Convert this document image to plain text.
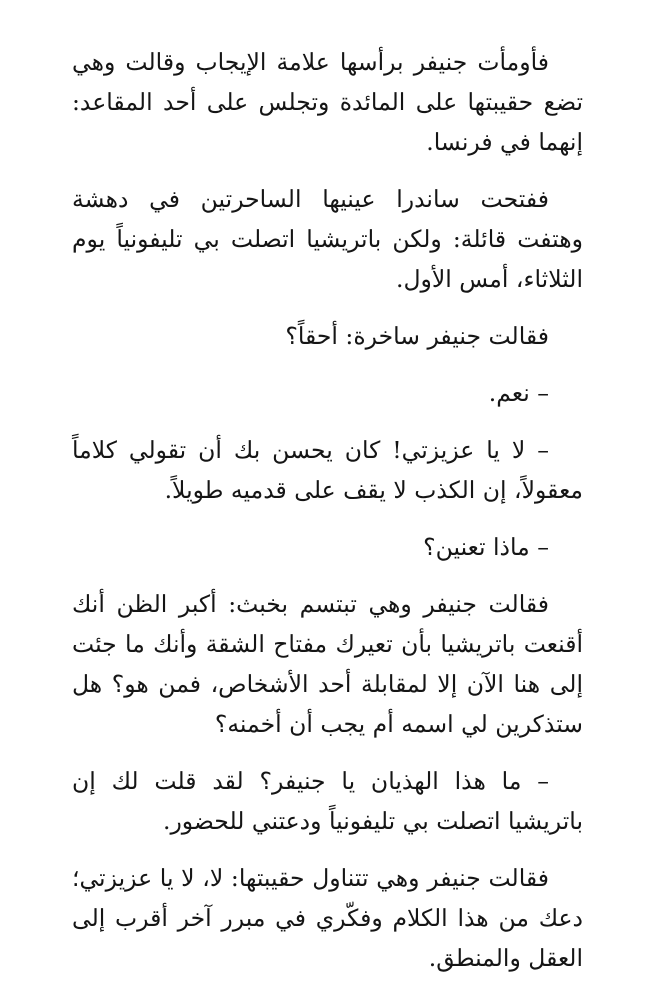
فأومأت جنيفر برأسها علامة الإيجاب وقالت وهي تضع حقيبتها على المائدة وتجلس على أحد المقاعد: إنهما في فرنسا.

ففتحت ساندرا عينيها الساحرتين في دهشة وهتفت قائلة: ولكن باتريشيا اتصلت بي تليفونياً يوم الثلاثاء، أمس الأول.

فقالت جنيفر ساخرة: أحقاً؟

– نعم.

– لا يا عزيزتي! كان يحسن بك أن تقولي كلاماً معقولاً، إن الكذب لا يقف على قدميه طويلاً.

– ماذا تعنين؟

فقالت جنيفر وهي تبتسم بخبث: أكبر الظن أنك أقنعت باتريشيا بأن تعيرك مفتاح الشقة وأنك ما جئت إلى هنا الآن إلا لمقابلة أحد الأشخاص، فمن هو؟ هل ستذكرين لي اسمه أم يجب أن أخمنه؟

– ما هذا الهذيان يا جنيفر؟ لقد قلت لك إن باتريشيا اتصلت بي تليفونياً ودعتني للحضور.

فقالت جنيفر وهي تتناول حقيبتها: لا، لا يا عزيزتي؛ دعك من هذا الكلام وفكّري في مبرر آخر أقرب إلى العقل والمنطق.
